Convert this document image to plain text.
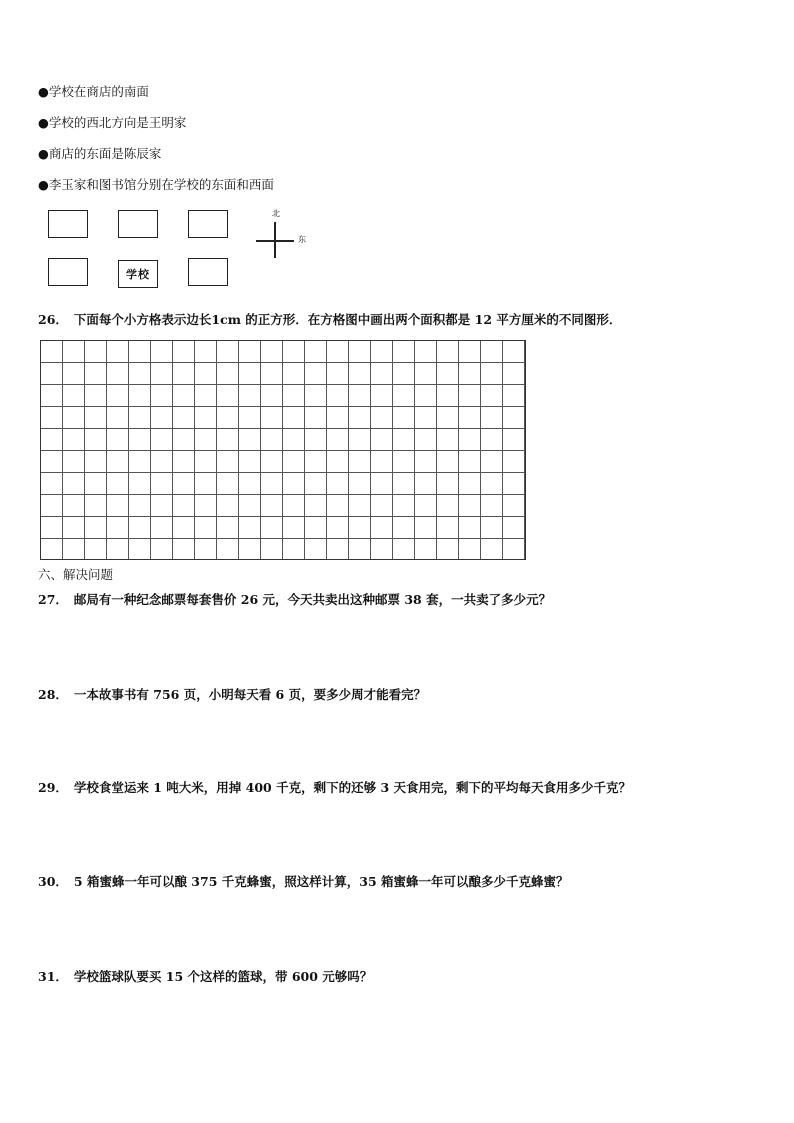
●学校在商店的南面
●学校的西北方向是王明家
●商店的东面是陈辰家
●李玉家和图书馆分别在学校的东面和西面
学校
北
东
26． 下面每个小方格表示边长1cm 的正方形．在方格图中画出两个面积都是 12 平方厘米的不同图形．
六、解决问题
27． 邮局有一种纪念邮票每套售价 26 元，今天共卖出这种邮票 38 套，一共卖了多少元？
28． 一本故事书有 756 页，小明每天看 6 页，要多少周才能看完？
29． 学校食堂运来 1 吨大米，用掉 400 千克，剩下的还够 3 天食用完，剩下的平均每天食用多少千克？
30． 5 箱蜜蜂一年可以酿 375 千克蜂蜜，照这样计算，35 箱蜜蜂一年可以酿多少千克蜂蜜？
31． 学校篮球队要买 15 个这样的篮球，带 600 元够吗？
